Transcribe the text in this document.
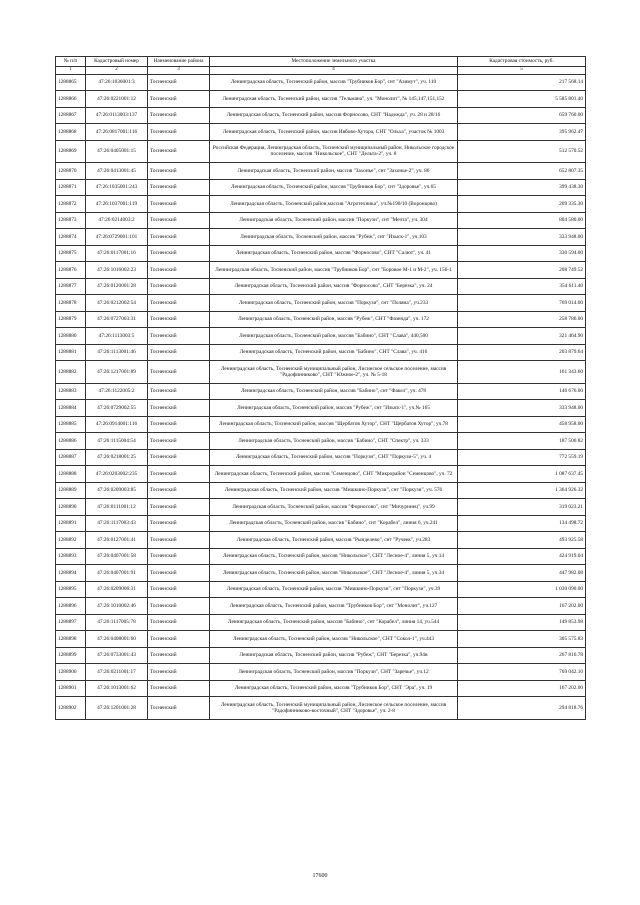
№ п/п	Кадастровый номер	Наименование района	Местоположение земельного участка	Кадастровая стоимость, руб.
1	2	3	4	5
1288865	47:26:1036001:3	Тосненский	Ленинградская область, Тосненский район, массив "Трубников Бор", снт "Азимут", уч. 110	217 568.14
1288866	47:26:0221001:12	Тосненский	Ленинградская область, Тосненский район, массив "Тельмана", уч. "Монолит", № 145,147,151,152	5 585 801.40
1288867	47:26:0113003:137	Тосненский	Ленинградская область, Тосненский район, массив Форносово, СНТ "Надежда", уч. 28 и 28/16	659 760.00
1288868	47:26:0817001:116	Тосненский	Ленинградская область, Тосненский район, массив Ивбово-Хутора, СНТ "Ольха", участок № 1003	395 962.47
1288869	47:26:0405001:15	Тосненский	Российская Федерация, Ленинградская область, Тосненский муниципальный район, Никольское городское поселение, массив "Никольское", СНТ "Дельта-2", уч. 8	512 570.52
1288870	47:26:0413001:45	Тосненский	Ленинградская область, Тосненский район, массив "Захонье", снт "Захонье-2", уч. 86	652 807.35
1288871	47:26:1035001:243	Тосненский	Ленинградская область, Тосненский район, массив "Трубников Бор", снт "Здоровье", уч.65	399 438.30
1288872	47:26:1037001:119	Тосненский	Ленинградская область, Тосненский район,массив "Агротехника", уч.№190/10 (Воронцово)	209 335.30
1288873	47:26:0214003:2	Тосненский	Ленинградская область, Тосненский район, массив "Поркузи", снт "Мечта", уч. 304	804 580.00
1288874	47:26:0729001:101	Тосненский	Ленинградская область, Тосненский район, массив "Рубеж", снт "Изыск-1", уч.103	333 948.00
1288875	47:26:0117001:16	Тосненский	Ленинградская область, Тосненский район, массив "Форносово", СНТ "Салют", уч. 41	330 594.00
1288876	47:26:1016002:23	Тосненский	Ленинградская область, Тосненский район, массив "Трубников Бор", снт "Боровое М-1 и М-2", уч. 156-1	208 749.52
1288877	47:26:0120001:28	Тосненский	Ленинградская область, Тосненский район, массив "Форносово", СНТ "Березка", уч. 24	354 611.40
1288878	47:26:0212002:54	Тосненский	Ленинградская область, Тосненский район, массив "Поркузи", снт "Поляна", уч.233	769 014.00
1288879	47:26:0727003:31	Тосненский	Ленинградская область, Тосненский район, массив "Рубеж", СНТ "Фазенда", уч. 172	258 786.00
1288880	47:26:1113003:5	Тосненский	Ленинградская область, Тосненский район, массив "Бабино", СНТ "Слава", 440,500	321 464.90
1288881	47:26:1113001:46	Тосненский	Ленинградская область, Тосненский район, массив "Бабино", СНТ "Слава", уч. 416	203 879.64
1288882	47:26:1217001:89	Тосненский	Ленинградская область, Тосненский муниципальный район, Лисинское сельское поселение, массив "Радофинниково", СНТ "Южное-2", уч. № 5-18	161 343.60
1288883	47:26:1122005:2	Тосненский	Ленинградская область, Тосненский район, массив "Бабино", снт "Факел", уч. 478	146 676.00
1288884	47:26:0729002:55	Тосненский	Ленинградская область, Тосненский район, массив "Рубеж", снт "Изыск-1", уч.№ 165	333 948.00
1288885	47:26:0914001:116	Тосненский	Ленинградская область, Тосненский район, массив "Щербатов Хутор", СНТ "Щербатов Хутор", уч.78	458 958.00
1288886	47:26:1115004:54	Тосненский	Ленинградская область, Тосненский район, массив "Бабино", СНТ "Спектр", уч. 333	187 500.82
1288887	47:26:0218001:25	Тосненский	Ленинградская область, Тосненский район, массив "Поркузи", СНТ "Поркузи-5", уч. 4	772 559.19
1288888	47:26:0203002:235	Тосненский	Ленинградская область, Тосненский район, массив "Семенцово", СНТ "Микрорайон "Семенцово", уч. 72	1 087 637.45
1288889	47:26:0209003:85	Тосненский	Ленинградская область, Тосненский район, массив "Мишкино-Поркузи", снт "Поркузи", уч. 576	1 364 926.32
1288890	47:26:0111001:12	Тосненский	Ленинградская область, Тосненский район, массив "Форносово", снт "Мичуринец", уч.99	319 023.21
1288891	47:26:1117003:43	Тосненский	Ленинградская область, Тосненский район, массив "Бабино", снт "Корабел", линия 6, уч.241	134 498.72
1288892	47:26:0127001:41	Тосненский	Ленинградская область, Тосненский район, массив "Рынделево", снт "Ручеек", уч.283	493 925.58
1288893	47:26:0407001:58	Тосненский	Ленинградская область, Тосненский район, массив "Никольское", СНТ "Лесное-4", линия 5, уч.14	424 919.04
1288894	47:26:0407001:91	Тосненский	Ленинградская область, Тосненский район, массив "Никольское", СНТ "Лесное-4", линия 5, уч.34	447 982.08
1288895	47:26:0209006:31	Тосненский	Ленинградская область, Тосненский район, массив "Мишкино-Поркузи", снт "Поркузи", уч.39	1 030 090.00
1288896	47:26:1010002:46	Тосненский	Ленинградская область, Тосненский район, массив "Трубников Бор", снт "Монолит", уч.127	167 202.00
1288897	47:26:1117005:78	Тосненский	Ленинградская область, Тосненский район, массив "Бабино", снт "Корабел", линия 14, уч.544	149 853.98
1288898	47:26:0408001:60	Тосненский	Ленинградская область, Тосненский район, массив "Никольское", СНТ "Сокол-1", уч.443	305 575.83
1288899	47:26:0733001:43	Тосненский	Ленинградская область, Тосненский район, массив "Рубеж", СНТ "Березка", уч.94в	267 816.78
1288900	47:26:0211001:17	Тосненский	Ленинградская область, Тосненский район, массив "Поркузи", СНТ "Заречье", уч.12	769 042.10
1288901	47:26:1013001:62	Тосненский	Ленинградская область, Тосненский район, массив "Трубников Бор", СНТ "Эра", уч. 19	167 202.00
1288902	47:26:1201001:28	Тосненский	Ленинградская область, Тосненский муниципальный район, Лисинское сельское поселение, массив "Радофинниково-восточный", СНТ "Здоровье", уч. 2-8	294 818.76
17600
